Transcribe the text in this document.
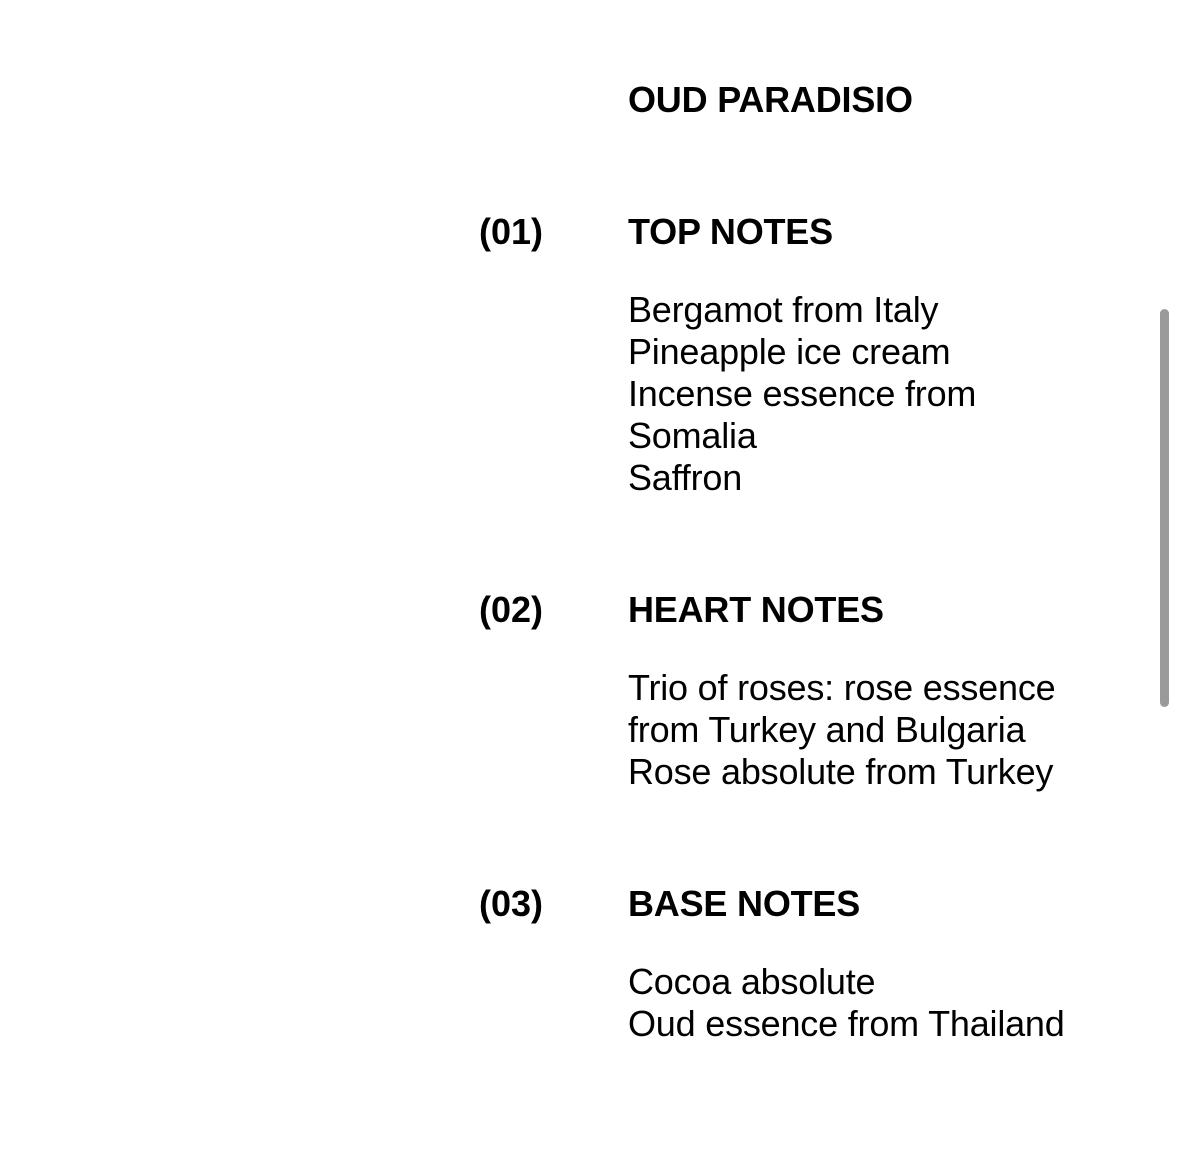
OUD PARADISIO
(01) TOP NOTES
Bergamot from Italy
Pineapple ice cream
Incense essence from
Somalia
Saffron
(02) HEART NOTES
Trio of roses: rose essence
from Turkey and Bulgaria
Rose absolute from Turkey
(03) BASE NOTES
Cocoa absolute
Oud essence from Thailand
